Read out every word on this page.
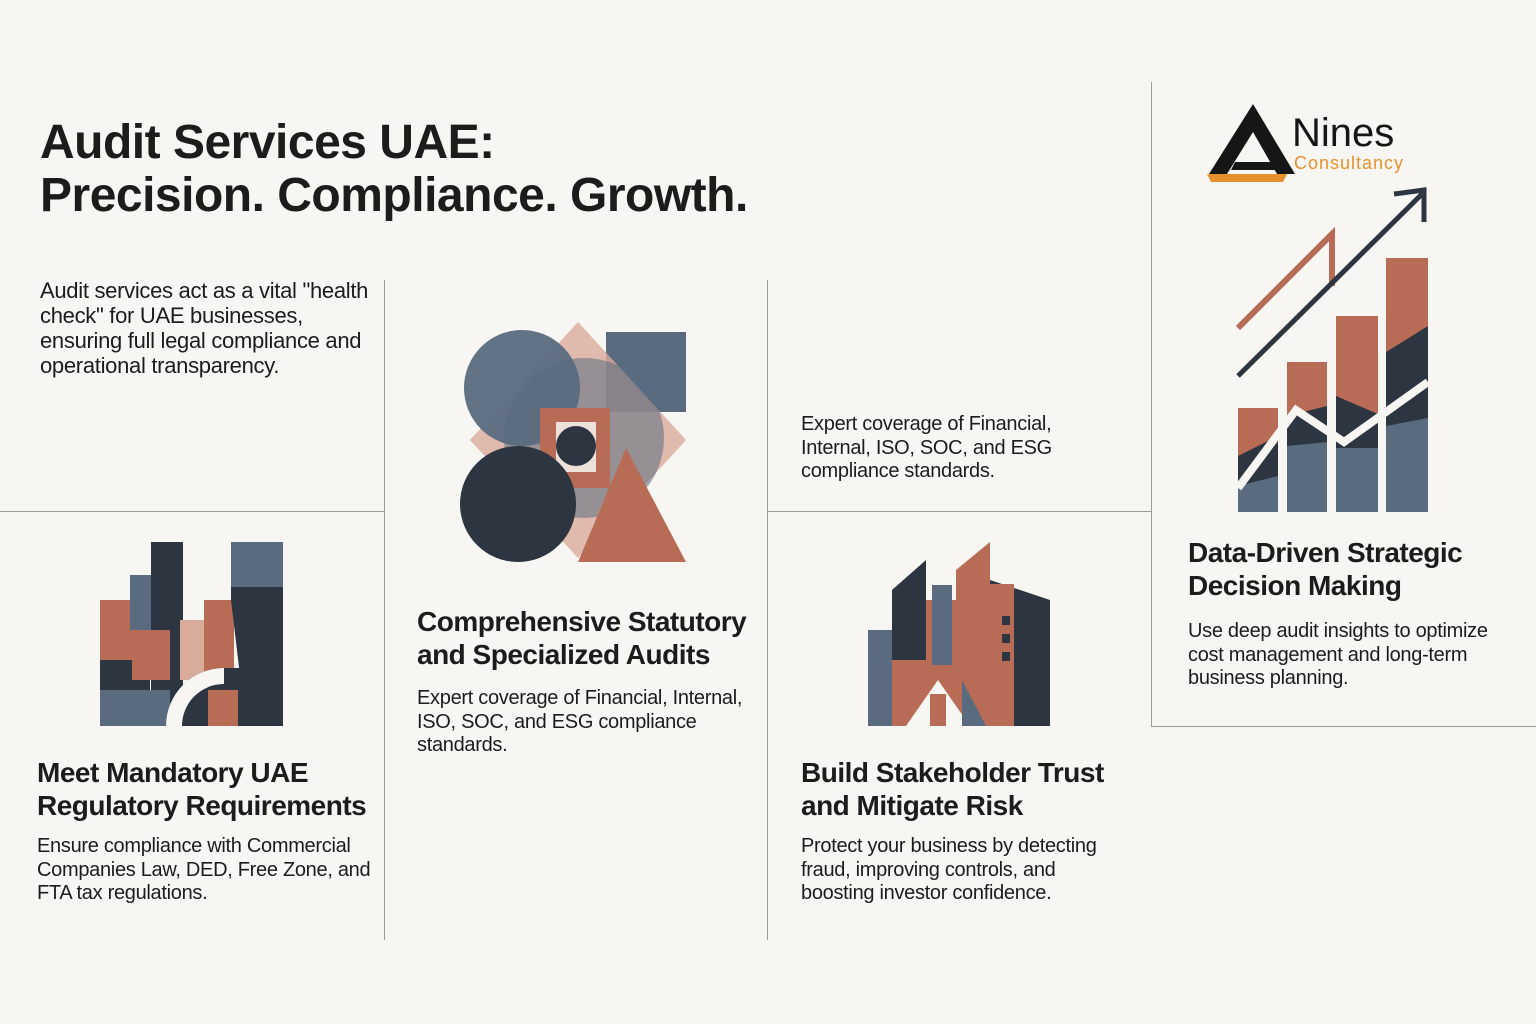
Audit Services UAE:
Precision. Compliance. Growth.

Audit services act as a vital "health check" for UAE businesses, ensuring full legal compliance and operational transparency.

Nines
Consultancy
Meet Mandatory UAE Regulatory Requirements

Ensure compliance with Commercial Companies Law, DED, Free Zone, and FTA tax regulations.

Comprehensive Statutory and Specialized Audits

Expert coverage of Financial, Internal, ISO, SOC, and ESG compliance standards.

Expert coverage of Financial, Internal, ISO, SOC, and ESG compliance standards.

Build Stakeholder Trust and Mitigate Risk

Protect your business by detecting fraud, improving controls, and boosting investor confidence.

Data-Driven Strategic Decision Making

Use deep audit insights to optimize cost management and long-term business planning.
